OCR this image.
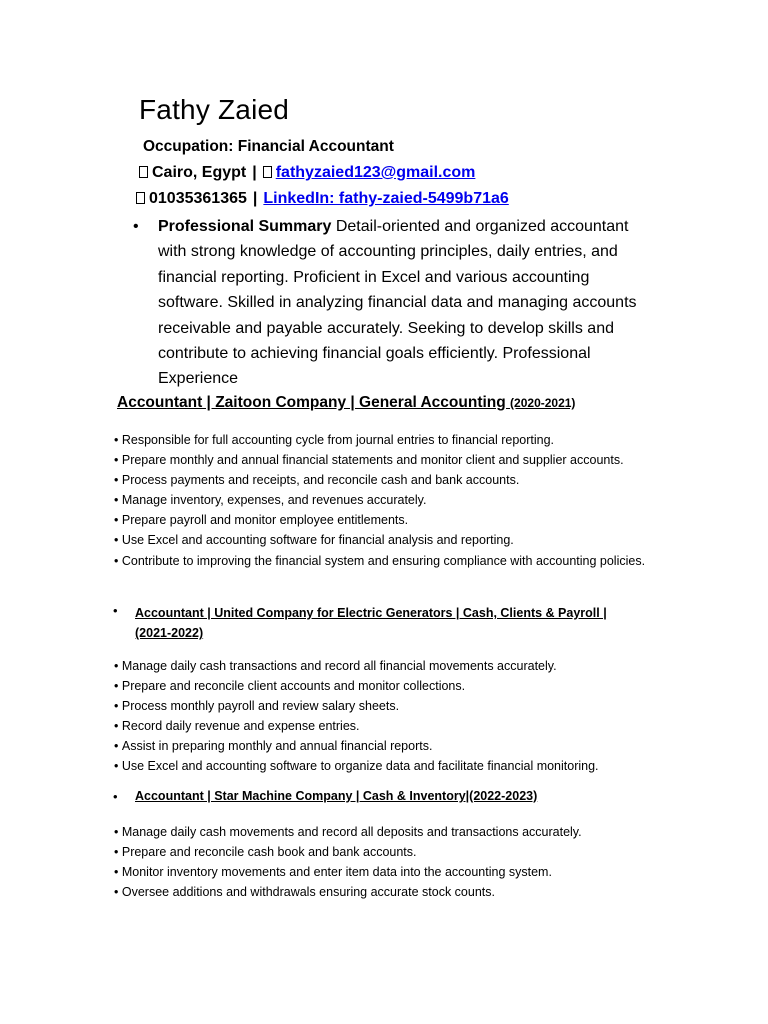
Fathy Zaied
Occupation: Financial Accountant
Cairo, Egypt | fathyzaied123@gmail.com
01035361365 | LinkedIn: fathy-zaied-5499b71a6
• Professional Summary Detail-oriented and organized accountant with strong knowledge of accounting principles, daily entries, and financial reporting. Proficient in Excel and various accounting software. Skilled in analyzing financial data and managing accounts receivable and payable accurately. Seeking to develop skills and contribute to achieving financial goals efficiently. Professional Experience
Accountant | Zaitoon Company | General Accounting (2020-2021)
• Responsible for full accounting cycle from journal entries to financial reporting.
• Prepare monthly and annual financial statements and monitor client and supplier accounts.
• Process payments and receipts, and reconcile cash and bank accounts.
• Manage inventory, expenses, and revenues accurately.
• Prepare payroll and monitor employee entitlements.
• Use Excel and accounting software for financial analysis and reporting.
• Contribute to improving the financial system and ensuring compliance with accounting policies.
• Accountant | United Company for Electric Generators | Cash, Clients & Payroll | (2021-2022)
• Manage daily cash transactions and record all financial movements accurately.
• Prepare and reconcile client accounts and monitor collections.
• Process monthly payroll and review salary sheets.
• Record daily revenue and expense entries.
• Assist in preparing monthly and annual financial reports.
• Use Excel and accounting software to organize data and facilitate financial monitoring.
• Accountant | Star Machine Company | Cash & Inventory|(2022-2023)
• Manage daily cash movements and record all deposits and transactions accurately.
• Prepare and reconcile cash book and bank accounts.
• Monitor inventory movements and enter item data into the accounting system.
• Oversee additions and withdrawals ensuring accurate stock counts.
